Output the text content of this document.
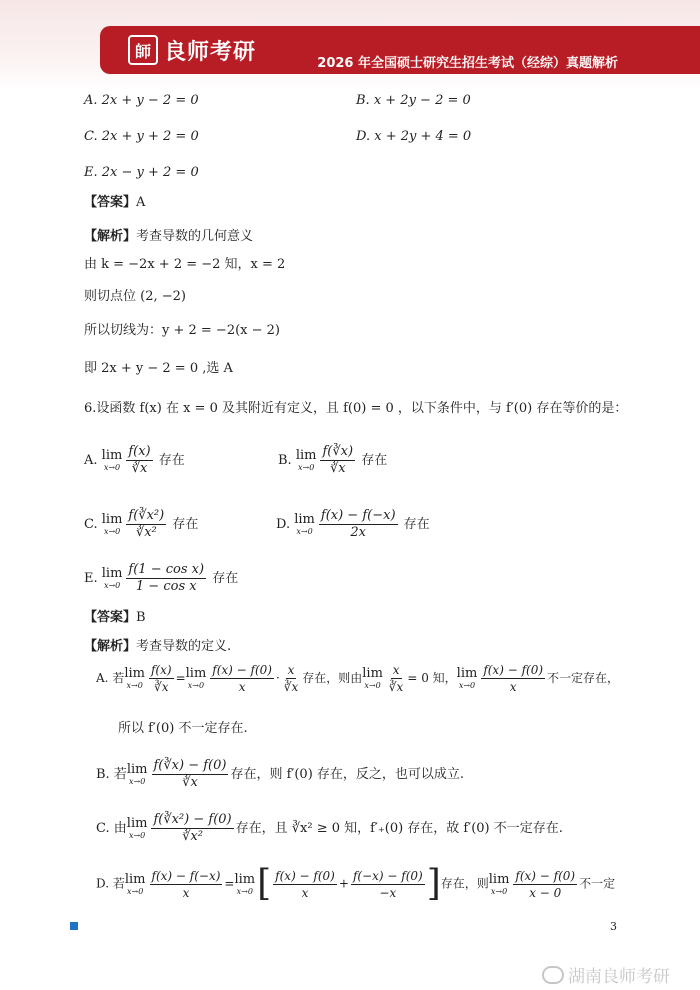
師 良师考研	2026 年全国硕士研究生招生考试（经综）真题解析
A. 2x + y − 2 = 0	B. x + 2y − 2 = 0
C. 2x + y + 2 = 0	D. x + 2y + 4 = 0
E. 2x − y + 2 = 0
【答案】A
【解析】考查导数的几何意义
由 k = −2x + 2 = −2 知，x = 2
则切点位 (2, −2)
所以切线为：y + 2 = −2(x − 2)
即 2x + y − 2 = 0 ,选 A
6.设函数 f(x) 在 x = 0 及其附近有定义，且 f(0) = 0 ，以下条件中，与 f′(0) 存在等价的是：
A. lim
$x\to 0 \frac{f(x)}{∛x}$ 存在	B. lim
$x\to 0 \frac{f(∛x)}{∛x}$ 存在
C. lim
$x\to 0 \frac{\text{f(∛x²)}}{\text{∛x²}}$ 存在	D. lim
$x\to 0 \frac{f(x) - f(-x)}{2x}$ 存在
E. lim
$x\to 0 \frac{\text{f(1 − cos x)}}{\text{1 − cos x}}$ 存在
【答案】B
【解析】考查导数的定义.
A. 若 lim
$x\to 0 \frac{f(x)}{∛x} = \lim$
$x\to 0 \frac{f(x) - f(0)}{x} \cdot \frac{x}{∛x}$ 存在，则由 lim
$x\to 0 \frac{x}{∛x} = 0$ 知， lim
$x\to 0 \frac{f(x) - f(0)}{x}$ 不一定存在，
所以 f′(0) 不一定存在.
B. 若 lim
$x\to 0 \frac{f(∛x) - f(0)}{∛x}$ 存在，则 f′(0) 存在，反之，也可以成立.
C. 由 lim
$x\to 0 \frac{\text{f(∛x²) − f(0)}}{\text{∛x²}}$ 存在，且 ∛x² ≥ 0 知，f′₊(0) 存在，故 f′(0) 不一定存在.
D. 若 lim
$x\to 0 \frac{f(x) - f(-x)}{x} = \lim$
x→0 [ $\frac{f(x) - f(0)}{x} + \frac{f(-x) - f(0)}{-x}$ ]存在，则 lim
$x\to 0 \frac{f(x) - f(0)}{x - 0}$ 不一定
3
湖南良师考研
